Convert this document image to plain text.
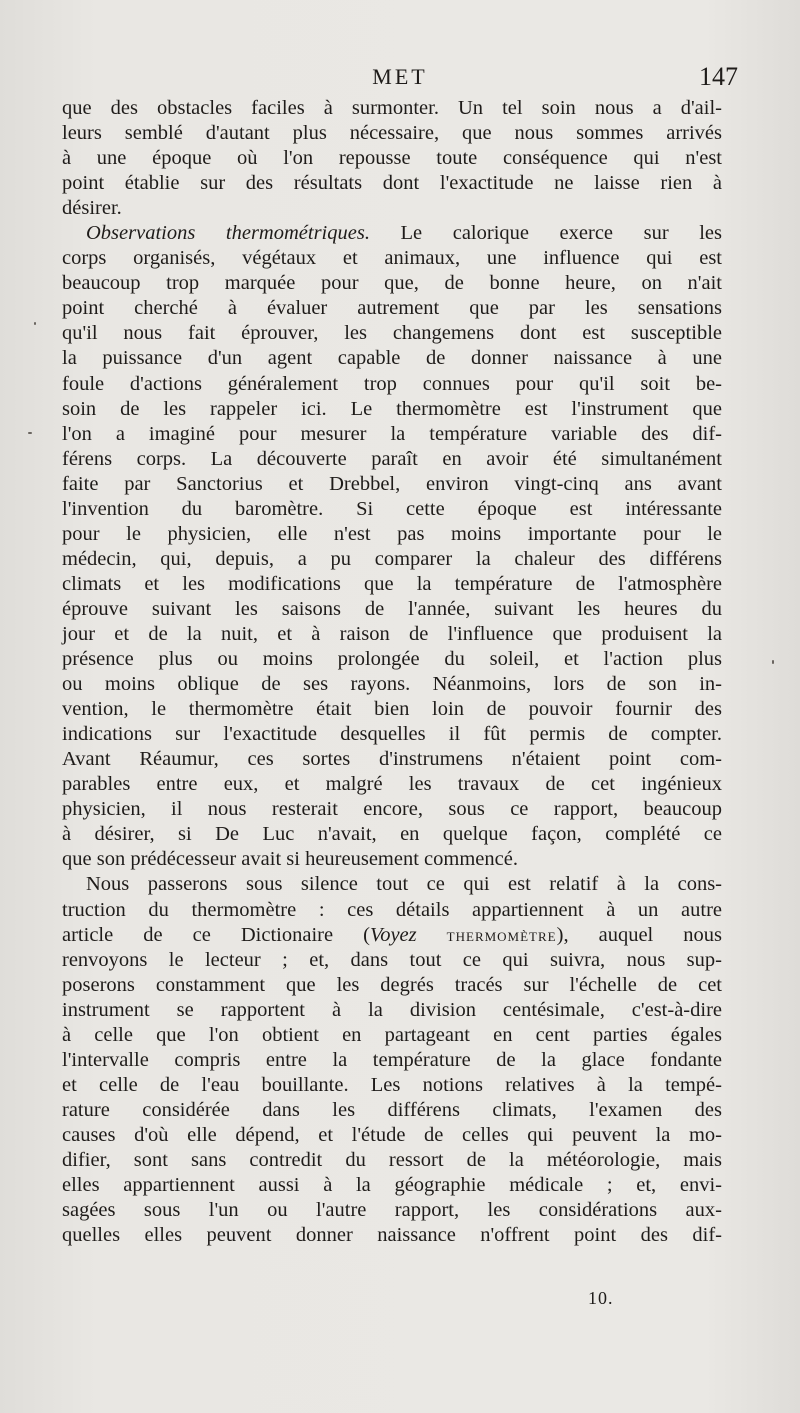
MET	147
que des obstacles faciles à surmonter. Un tel soin nous a d'ail-
leurs semblé d'autant plus nécessaire, que nous sommes arrivés
à une époque où l'on repousse toute conséquence qui n'est
point établie sur des résultats dont l'exactitude ne laisse rien à
désirer.
Observations thermométriques. Le calorique exerce sur les
corps organisés, végétaux et animaux, une influence qui est
beaucoup trop marquée pour que, de bonne heure, on n'ait
point cherché à évaluer autrement que par les sensations
qu'il nous fait éprouver, les changemens dont est susceptible
la puissance d'un agent capable de donner naissance à une
foule d'actions généralement trop connues pour qu'il soit be-
soin de les rappeler ici. Le thermomètre est l'instrument que
l'on a imaginé pour mesurer la température variable des dif-
férens corps. La découverte paraît en avoir été simultanément
faite par Sanctorius et Drebbel, environ vingt-cinq ans avant
l'invention du baromètre. Si cette époque est intéressante
pour le physicien, elle n'est pas moins importante pour le
médecin, qui, depuis, a pu comparer la chaleur des différens
climats et les modifications que la température de l'atmosphère
éprouve suivant les saisons de l'année, suivant les heures du
jour et de la nuit, et à raison de l'influence que produisent la
présence plus ou moins prolongée du soleil, et l'action plus
ou moins oblique de ses rayons. Néanmoins, lors de son in-
vention, le thermomètre était bien loin de pouvoir fournir des
indications sur l'exactitude desquelles il fût permis de compter.
Avant Réaumur, ces sortes d'instrumens n'étaient point com-
parables entre eux, et malgré les travaux de cet ingénieux
physicien, il nous resterait encore, sous ce rapport, beaucoup
à désirer, si De Luc n'avait, en quelque façon, complété ce
que son prédécesseur avait si heureusement commencé.
Nous passerons sous silence tout ce qui est relatif à la cons-
truction du thermomètre : ces détails appartiennent à un autre
article de ce Dictionaire (Voyez THERMOMÈTRE), auquel nous
renvoyons le lecteur ; et, dans tout ce qui suivra, nous sup-
poserons constamment que les degrés tracés sur l'échelle de cet
instrument se rapportent à la division centésimale, c'est-à-dire
à celle que l'on obtient en partageant en cent parties égales
l'intervalle compris entre la température de la glace fondante
et celle de l'eau bouillante. Les notions relatives à la tempé-
rature considérée dans les différens climats, l'examen des
causes d'où elle dépend, et l'étude de celles qui peuvent la mo-
difier, sont sans contredit du ressort de la météorologie, mais
elles appartiennent aussi à la géographie médicale ; et, envi-
sagées sous l'un ou l'autre rapport, les considérations aux-
quelles elles peuvent donner naissance n'offrent point des dif-
10.
